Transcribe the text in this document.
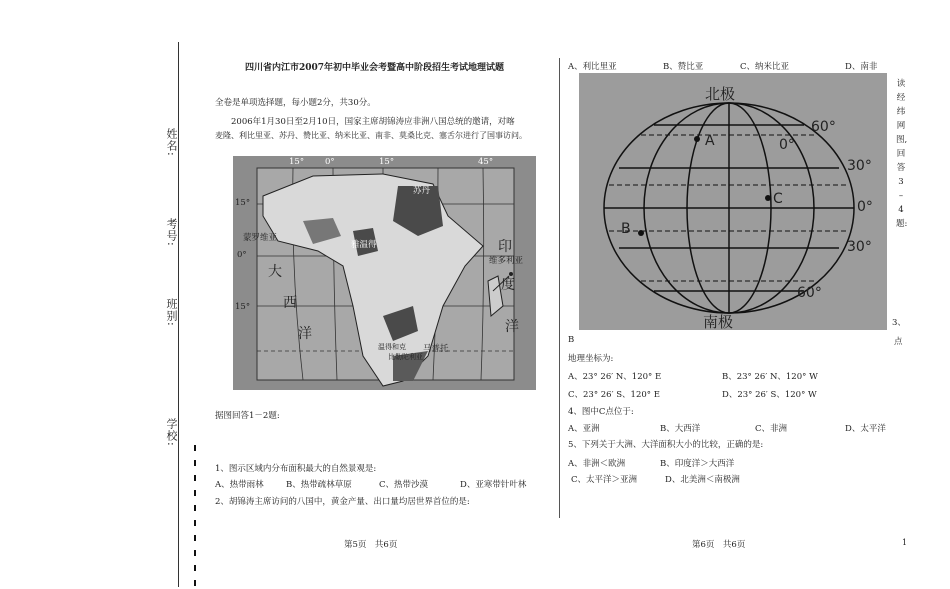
姓名:
考号:
班别:
学校:
四川省内江市2007年初中毕业会考暨高中阶段招生考试地理试题
全卷是单项选择题，每小题2分，共30分。
2006年1月30日至2月10日，国家主席胡锦涛应非洲八国总统的邀请，对喀
麦隆、利比里亚、苏丹、赞比亚、纳米比亚、南非、莫桑比克、塞舌尔进行了国事访问。
15° 0°	15°	45°
15°
0°
15°
苏丹
蒙罗维亚
雅温得
维多利亚
大
西
洋
印
度
洋
马普托
温得和克
比勒陀利亚
据图回答1－2题:
1、图示区域内分布面积最大的自然景观是:
A、热带雨林	B、热带疏林草原	C、热带沙漠	D、亚寒带针叶林
2、胡锦涛主席访问的八国中，黄金产量、出口量均居世界首位的是:
第5页　共6页
A、利比里亚	B、赞比亚	C、纳米比亚	D、南非
北极
南极
60°
30°
0°
30°
60°
0°
A
B
C
读
经
纬
网
图,
回
答
3
–
4
题:
3、
点
B
地理坐标为:
A、23° 26′ N、120° E	B、23° 26′ N、120° W
C、23° 26′ S、120° E	D、23° 26′ S、120° W
4、图中C点位于:
A、亚洲	B、大西洋	C、非洲	D、太平洋
5、下列关于大洲、大洋面积大小的比较，正确的是:
A、非洲＜欧洲	B、印度洋＞大西洋
C、太平洋＞亚洲	D、北美洲＜南极洲
第6页　共6页	1
